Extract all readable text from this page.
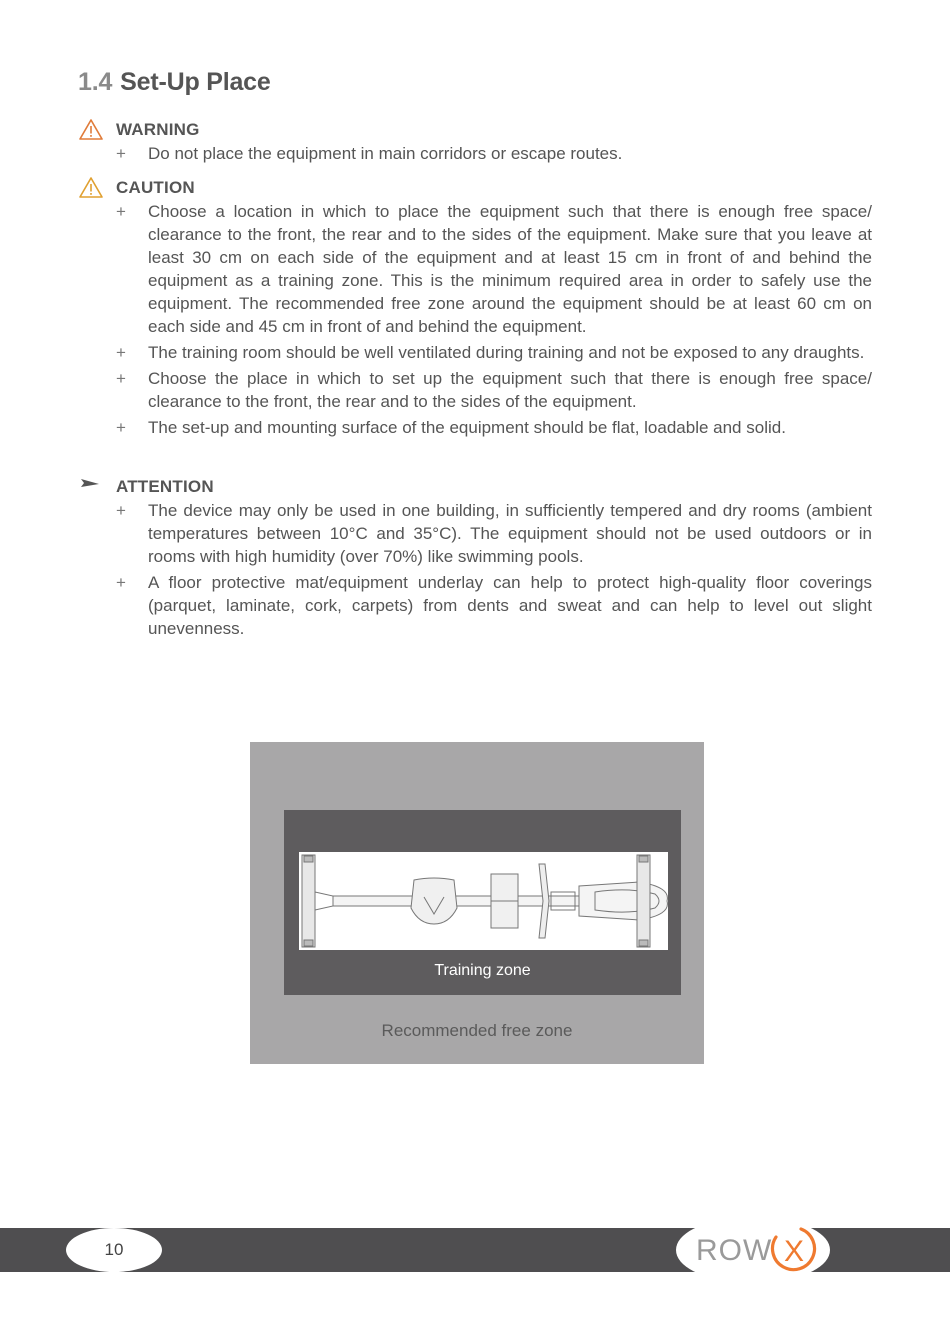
1.4 Set-Up Place
WARNING
+ Do not place the equipment in main corridors or escape routes.
CAUTION
+ Choose a location in which to place the equipment such that there is enough free space/ clearance to the front, the rear and to the sides of the equipment. Make sure that you leave at least 30 cm on each side of the equipment and at least 15 cm in front of and behind the equipment as a training zone. This is the minimum required area in order to safely use the equipment. The recommended free zone around the equipment should be at least 60 cm on each side and 45 cm in front of and behind the equipment.
+ The training room should be well ventilated during training and not be exposed to any draughts.
+ Choose the place in which to set up the equipment such that there is enough free space/ clearance to the front, the rear and to the sides of the equipment.
+ The set-up and mounting surface of the equipment should be flat, loadable and solid.
ATTENTION
+ The device may only be used in one building, in sufficiently tempered and dry rooms (ambient temperatures between 10°C and 35°C). The equipment should not be used outdoors or in rooms with high humidity (over 70%) like swimming pools.
+ A floor protective mat/equipment underlay can help to protect high-quality floor coverings (parquet, laminate, cork, carpets) from dents and sweat and can help to level out slight unevenness.
Training zone
Recommended free zone
10	ROW X
